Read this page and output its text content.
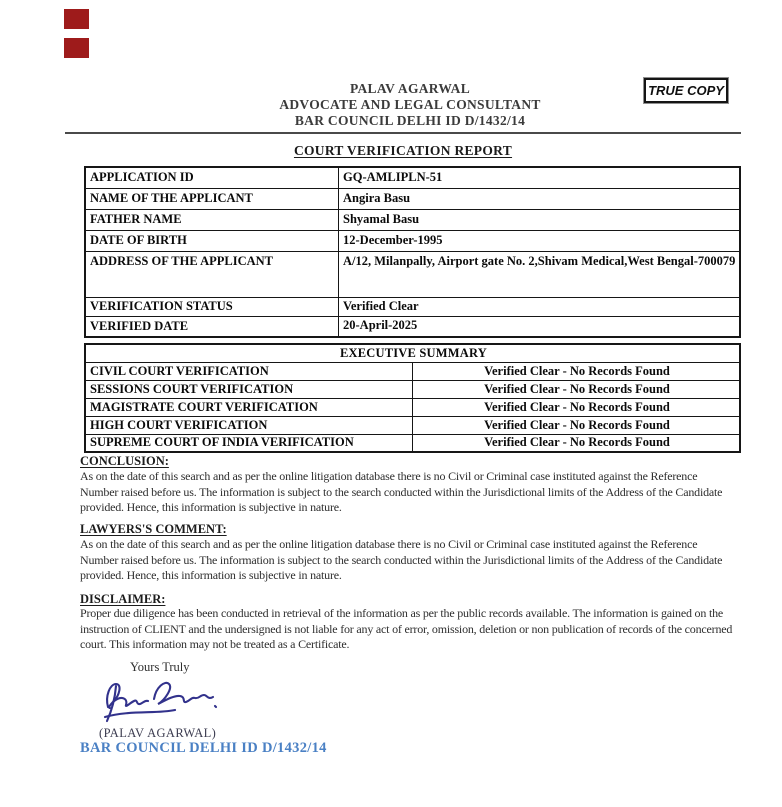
PALAV AGARWAL
ADVOCATE AND LEGAL CONSULTANT
BAR COUNCIL DELHI ID D/1432/14
TRUE COPY
COURT VERIFICATION REPORT
APPLICATION ID	GQ-AMLIPLN-51
NAME OF THE APPLICANT	Angira Basu
FATHER NAME	Shyamal Basu
DATE OF BIRTH	12-December-1995
ADDRESS OF THE APPLICANT	A/12, Milanpally, Airport gate No. 2,Shivam Medical,West Bengal-700079
VERIFICATION STATUS	Verified Clear
VERIFIED DATE	20-April-2025
EXECUTIVE SUMMARY	
CIVIL COURT VERIFICATION	Verified Clear - No Records Found
SESSIONS COURT VERIFICATION	Verified Clear - No Records Found
MAGISTRATE COURT VERIFICATION	Verified Clear - No Records Found
HIGH COURT VERIFICATION	Verified Clear - No Records Found
SUPREME COURT OF INDIA VERIFICATION	Verified Clear - No Records Found
CONCLUSION:
As on the date of this search and as per the online litigation database there is no Civil or Criminal case instituted against the Reference Number raised before us. The information is subject to the search conducted within the Jurisdictional limits of the Address of the Candidate provided. Hence, this information is subjective in nature.
LAWYERS'S COMMENT:
As on the date of this search and as per the online litigation database there is no Civil or Criminal case instituted against the Reference Number raised before us. The information is subject to the search conducted within the Jurisdictional limits of the Address of the Candidate provided. Hence, this information is subjective in nature.
DISCLAIMER:
Proper due diligence has been conducted in retrieval of the information as per the public records available. The information is gained on the instruction of CLIENT and the undersigned is not liable for any act of error, omission, deletion or non publication of records of the concerned court. This information may not be treated as a Certificate.
Yours Truly
(PALAV AGARWAL)
BAR COUNCIL DELHI ID D/1432/14
